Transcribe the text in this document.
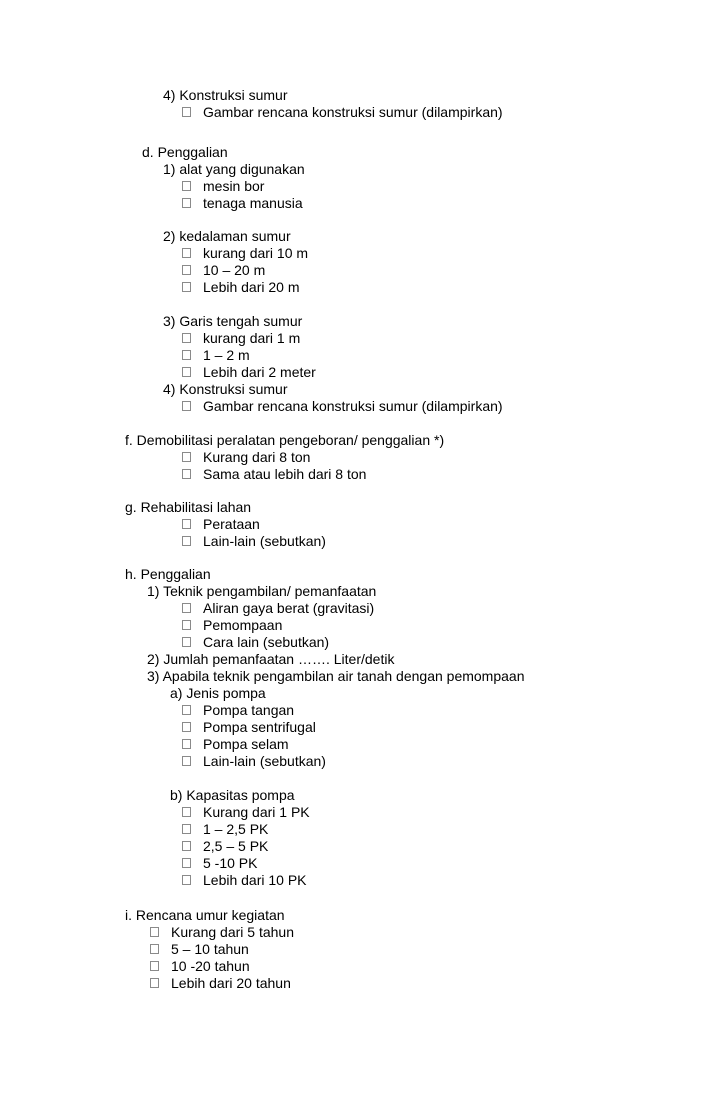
4) Konstruksi sumur
Gambar rencana konstruksi sumur (dilampirkan)
d. Penggalian
1) alat yang digunakan
mesin bor
tenaga manusia
2) kedalaman sumur
kurang dari 10 m
10 – 20 m
Lebih dari 20 m
3) Garis tengah sumur
kurang dari 1 m
1 – 2 m
Lebih dari 2 meter
4) Konstruksi sumur
Gambar rencana konstruksi sumur (dilampirkan)
f. Demobilitasi peralatan pengeboran/ penggalian *)
Kurang dari 8 ton
Sama atau lebih dari 8 ton
g. Rehabilitasi lahan
Perataan
Lain-lain (sebutkan)
h. Penggalian
1) Teknik pengambilan/ pemanfaatan
Aliran gaya berat (gravitasi)
Pemompaan
Cara lain (sebutkan)
2) Jumlah pemanfaatan ……. Liter/detik
3) Apabila teknik pengambilan air tanah dengan pemompaan
a) Jenis pompa
Pompa tangan
Pompa sentrifugal
Pompa selam
Lain-lain (sebutkan)
b) Kapasitas pompa
Kurang dari 1 PK
1 – 2,5 PK
2,5 – 5 PK
5 -10 PK
Lebih dari 10 PK
i. Rencana umur kegiatan
Kurang dari 5 tahun
5 – 10 tahun
10 -20 tahun
Lebih dari 20 tahun
